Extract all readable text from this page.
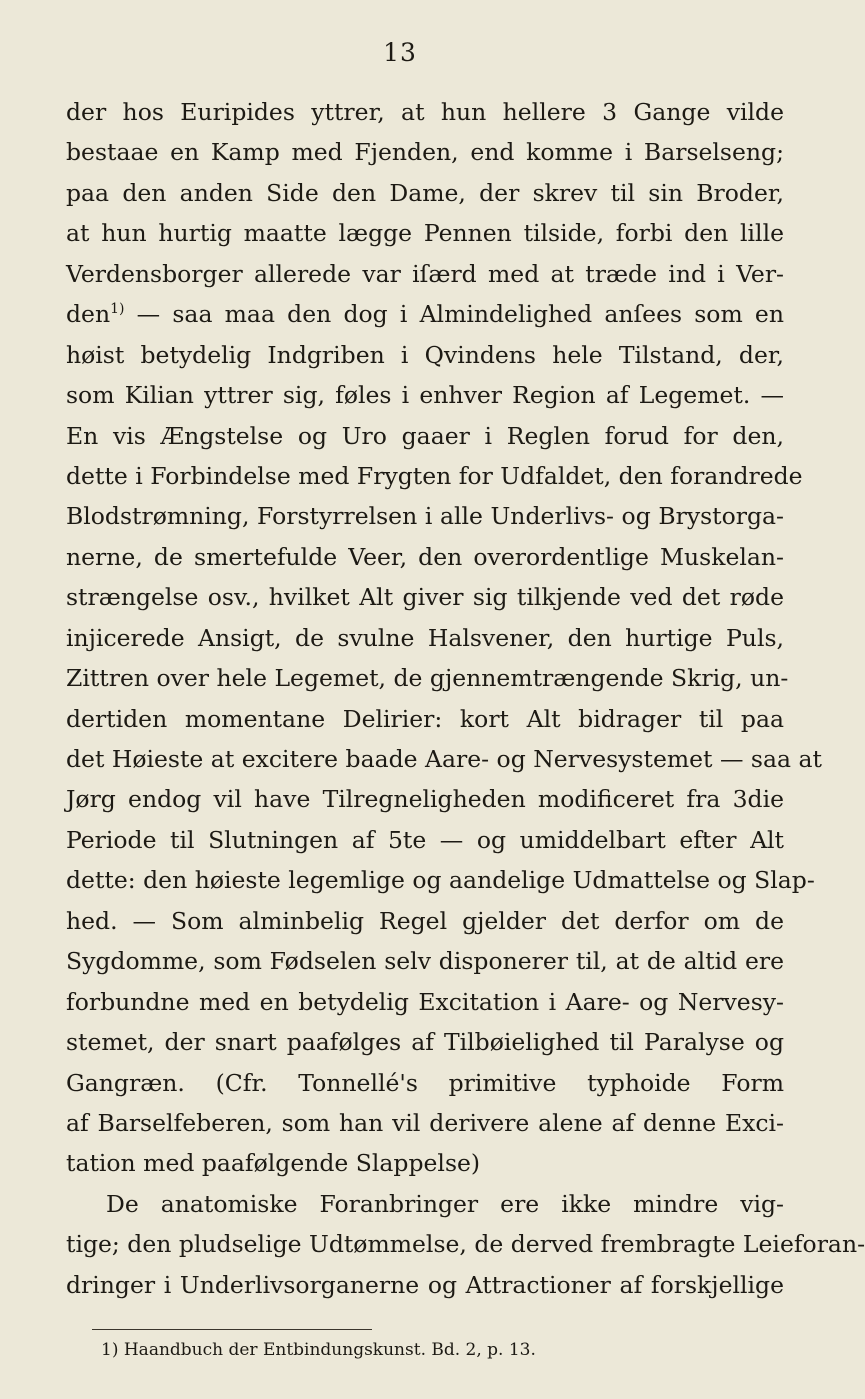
13
der hos Euripides yttrer, at hun hellere 3 Gange vilde
bestaae en Kamp med Fjenden, end komme i Barselseng;
paa den anden Side den Dame, der skrev til sin Broder,
at hun hurtig maatte lægge Pennen tilside, forbi den lille
Verdensborger allerede var iſærd med at træde ind i Ver-
den$^{1)}$ — saa maa den dog i Almindelighed anſees som en
høist betydelig Indgriben i Qvindens hele Tilstand, der,
som Kilian yttrer sig, føles i enhver Region af Legemet. —
En vis Ængstelse og Uro gaaer i Reglen forud for den,
dette i Forbindelse med Frygten for Udfaldet, den forandrede
Blodstrømning, Forstyrrelsen i alle Underlivs- og Brystorga-
nerne, de smertefulde Veer, den overordentlige Muskelan-
strængelse osv., hvilket Alt giver sig tilkjende ved det røde
injicerede Ansigt, de svulne Halsvener, den hurtige Puls,
Zittren over hele Legemet, de gjennemtrængende Skrig, un-
dertiden momentane Delirier: kort Alt bidrager til paa
det Høieste at excitere baade Aare- og Nervesystemet — saa at
Jørg endog vil have Tilregneligheden modificeret fra 3die
Periode til Slutningen af 5te — og umiddelbart efter Alt
dette: den høieste legemlige og aandelige Udmattelse og Slap-
hed. — Som alminbelig Regel gjelder det derfor om de
Sygdomme, som Fødselen selv disponerer til, at de altid ere
forbundne med en betydelig Excitation i Aare- og Nervesy-
stemet, der snart paafølges af Tilbøielighed til Paralyse og
Gangræn. (Cfr. Tonnellé's primitive typhoide Form
af Barselfeberen, som han vil derivere alene af denne Exci-
tation med paafølgende Slappelse)
De anatomiske Foranbringer ere ikke mindre vig-
tige; den pludselige Udtømmelse, de derved frembragte Leieforan-
dringer i Underlivsorganerne og Attractioner af forskjellige
1) Haandbuch der Entbindungskunst. Bd. 2, p. 13.
